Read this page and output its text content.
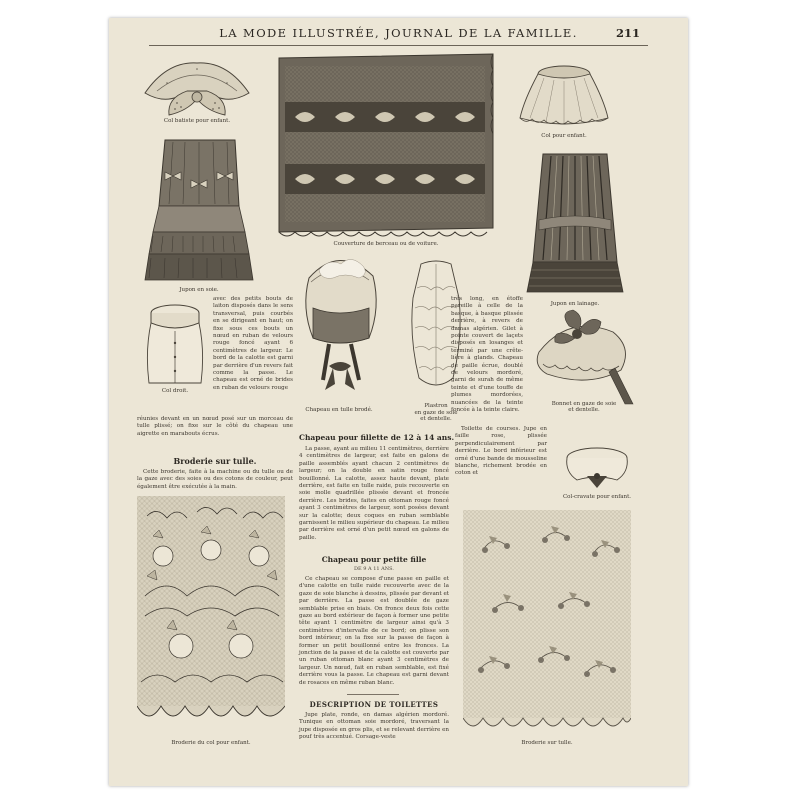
LA MODE ILLUSTRÉE, JOURNAL DE LA FAMILLE.	211
Col batiste pour enfant.
Couverture de berceau ou de voiture.
Col pour enfant.
Jupon en soie.
Jupon en lainage.
Col droit.

avec des petits bouts de laiton disposés dans le sens transversal, puis courbés en se dirigeant en haut; on fixe sous ces bouts un nœud en ruban de velours rouge foncé ayant 6 centimètres de largeur. Le bord de la calotte est garni par derrière d'un revers fait comme la passe. Le chapeau est orné de brides en ruban de velours rouge

réunies devant en un nœud posé sur un morceau de tulle plissé; on fixe sur le côté du chapeau une aigrette en marabouts écrus.

Chapeau en tulle brodé.
Plastron
en gaze de soie
et dentelle.

très long, en étoffe pareille à celle de la basque, à basque plissée derrière, à revers de damas algérien. Gilet à pointe couvert de laçets disposés en losanges et terminé par une crête-lière à glands. Chapeau de paille écrue, doublé de velours mordoré, garni de surah de même teinte et d'une touffe de plumes mordorées, nuancées de la teinte foncée à la teinte claire.

Bonnet en gaze de soie
et dentelle.
Broderie sur tulle.

Cette broderie, faite à la machine ou du tulle ou de la gaze avec des soies ou des cotons de couleur, peut également être exécutée à la main.

Chapeau pour fillette de 12 à 14 ans.

La passe, ayant au milieu 11 centimètres, derrière 4 centimètres de largeur, est faite en galons de paille assemblés ayant chacun 2 centimètres de largeur; on la double en satin rouge foncé bouillonné. La calotte, assez haute devant, plate derrière, est faite en tulle raide, puis recouverte en soie molle quadrillée plissée devant et froncée derrière. Les brides, faites en ottoman rouge foncé ayant 3 centimètres de largeur, sont posées devant sur la calotte; deux coques en ruban semblable garnissent le milieu supérieur du chapeau. Le milieu par derrière est orné d'un petit nœud en galons de paille.

Toilette de courses. Jupe en faille rose, plissée perpendiculairement par derrière. Le bord inférieur est orné d'une bande de mousseline blanche, richement brodée en coton et

Col-cravate pour enfant.
Broderie du col pour enfant.
Chapeau pour petite fille
DE 9 A 11 ANS.

Ce chapeau se compose d'une passe en paille et d'une calotte en tulle raide recouverte avec de la gaze de soie blanche à dessins, plissée par devant et par derrière. La passe est doublée de gaze semblable prise en biais. On fronce deux fois cette gaze au bord extérieur de façon à former une petite tête ayant 1 centimètre de largeur ainsi qu'à 3 centimètres d'intervalle de ce bord; on plisse son bord intérieur, on la fixe sur la passe de façon à former un petit bouillonné entre les fronces. La jonction de la passe et de la calotte est couverte par un ruban ottoman blanc ayant 3 centimètres de largeur. Un nœud, fait en ruban semblable, est fixé derrière vous la passe. Le chapeau est garni devant de rosaces en même ruban blanc.

DESCRIPTION DE TOILETTES

Jupe plate, ronde, en damas algérien mordoré. Tunique en ottoman soie mordoré, traversant la jupe disposée en gros plis, et se relevant derrière en pouf très accentué. Corsage-veste

Broderie sur tulle.
